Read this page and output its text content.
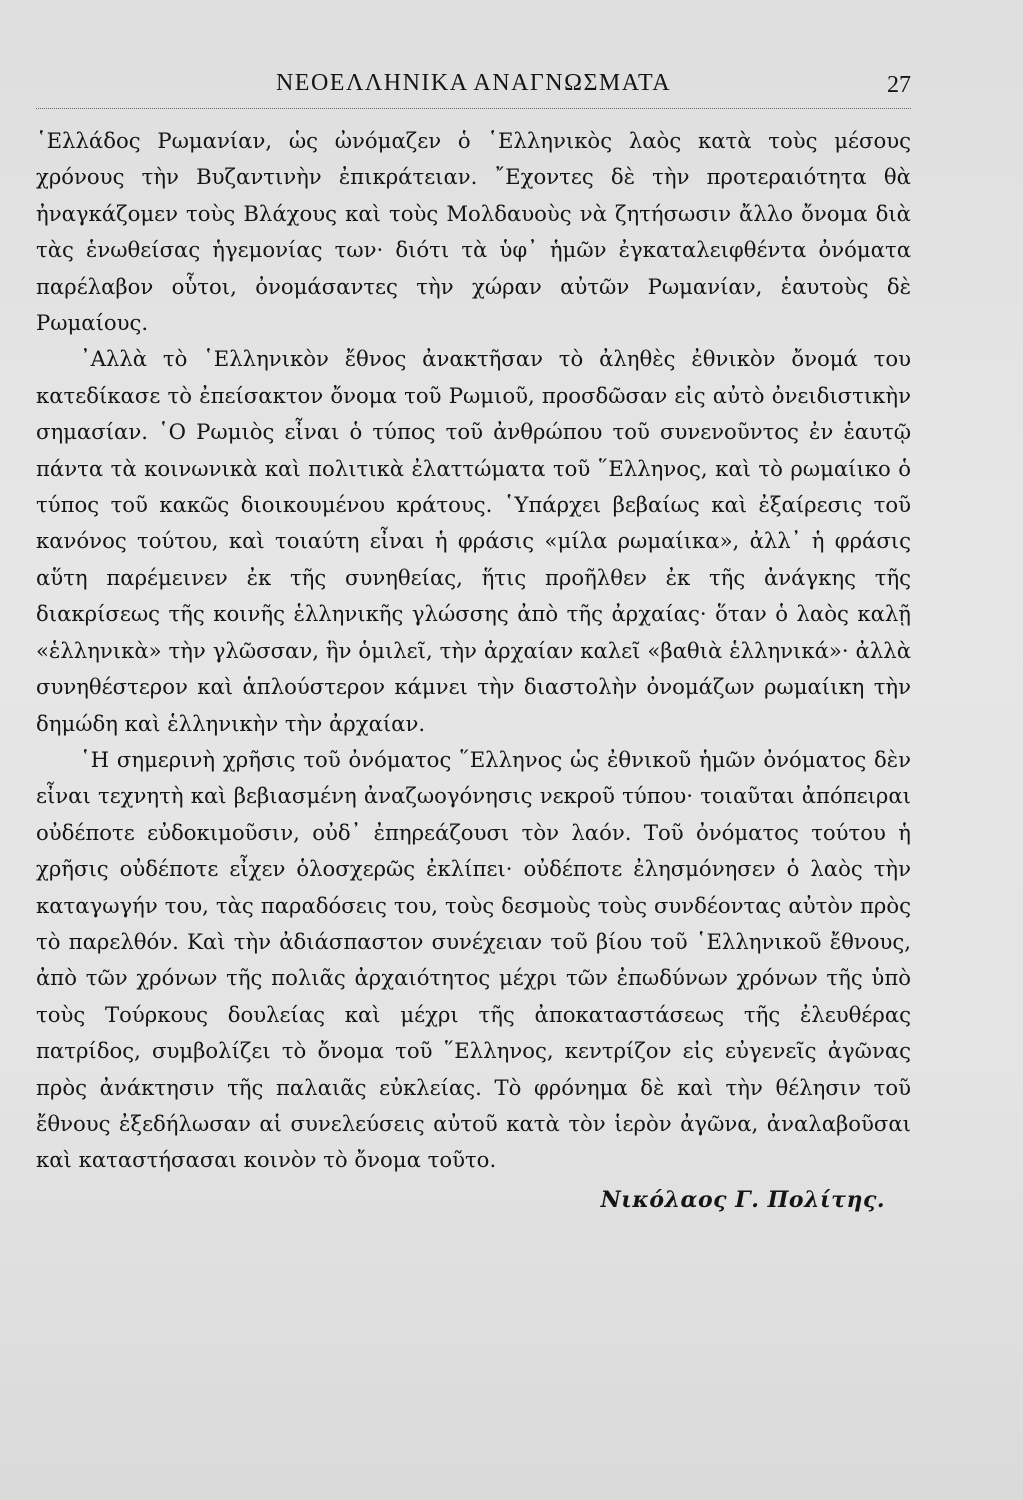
ΝΕΟΕΛΛΗΝΙΚΑ ΑΝΑΓΝΩΣΜΑΤΑ	27

῾Ελλάδος Ρωμανίαν, ὡς ὠνόμαζεν ὁ ῾Ελληνικὸς λαὸς κατὰ τοὺς μέσους χρόνους τὴν Βυζαντινὴν ἐπικράτειαν. ῎Εχοντες δὲ τὴν προτεραιότητα θὰ ἠναγκάζομεν τοὺς Βλάχους καὶ τοὺς Μολδαυοὺς νὰ ζητήσωσιν ἄλλο ὄνομα διὰ τὰς ἑνωθείσας ἡγεμονίας των· διότι τὰ ὑφ᾽ ἡμῶν ἐγκαταλειφθέντα ὀνόματα παρέλαβον οὗτοι, ὀνομάσαντες τὴν χώραν αὐτῶν Ρωμανίαν, ἑαυτοὺς δὲ Ρωμαίους.

᾽Αλλὰ τὸ ῾Ελληνικὸν ἔθνος ἀνακτῆσαν τὸ ἀληθὲς ἐθνικὸν ὄνομά του κατεδίκασε τὸ ἐπείσακτον ὄνομα τοῦ Ρωμιοῦ, προσδῶσαν εἰς αὐτὸ ὀνειδιστικὴν σημασίαν. ῾Ο Ρωμιὸς εἶναι ὁ τύπος τοῦ ἀνθρώπου τοῦ συνενοῦντος ἐν ἑαυτῷ πάντα τὰ κοινωνικὰ καὶ πολιτικὰ ἐλαττώματα τοῦ ῞Ελληνος, καὶ τὸ ρωμαίικο ὁ τύπος τοῦ κακῶς διοικουμένου κράτους. ῾Υπάρχει βεβαίως καὶ ἐξαίρεσις τοῦ κανόνος τούτου, καὶ τοιαύτη εἶναι ἡ φράσις «μίλα ρωμαίικα», ἀλλ᾽ ἡ φράσις αὕτη παρέμεινεν ἐκ τῆς συνηθείας, ἥτις προῆλθεν ἐκ τῆς ἀνάγκης τῆς διακρίσεως τῆς κοινῆς ἑλληνικῆς γλώσσης ἀπὸ τῆς ἀρχαίας· ὅταν ὁ λαὸς καλῇ «ἑλληνικὰ» τὴν γλῶσσαν, ἣν ὁμιλεῖ, τὴν ἀρχαίαν καλεῖ «βαθιὰ ἑλληνικά»· ἀλλὰ συνηθέστερον καὶ ἁπλούστερον κάμνει τὴν διαστολὴν ὀνομάζων ρωμαίικη τὴν δημώδη καὶ ἑλληνικὴν τὴν ἀρχαίαν.

῾Η σημερινὴ χρῆσις τοῦ ὀνόματος ῞Ελληνος ὡς ἐθνικοῦ ἡμῶν ὀνόματος δὲν εἶναι τεχνητὴ καὶ βεβιασμένη ἀναζωογόνησις νεκροῦ τύπου· τοιαῦται ἀπόπειραι οὐδέποτε εὐδοκιμοῦσιν, οὐδ᾽ ἐπηρεάζουσι τὸν λαόν. Τοῦ ὀνόματος τούτου ἡ χρῆσις οὐδέποτε εἶχεν ὁλοσχερῶς ἐκλίπει· οὐδέποτε ἐλησμόνησεν ὁ λαὸς τὴν καταγωγήν του, τὰς παραδόσεις του, τοὺς δεσμοὺς τοὺς συνδέοντας αὐτὸν πρὸς τὸ παρελθόν. Καὶ τὴν ἀδιάσπαστον συνέχειαν τοῦ βίου τοῦ ῾Ελληνικοῦ ἔθνους, ἀπὸ τῶν χρόνων τῆς πολιᾶς ἀρχαιότητος μέχρι τῶν ἐπωδύνων χρόνων τῆς ὑπὸ τοὺς Τούρκους δουλείας καὶ μέχρι τῆς ἀποκαταστάσεως τῆς ἐλευθέρας πατρίδος, συμβολίζει τὸ ὄνομα τοῦ ῞Ελληνος, κεντρίζον εἰς εὐγενεῖς ἀγῶνας πρὸς ἀνάκτησιν τῆς παλαιᾶς εὐκλείας. Τὸ φρόνημα δὲ καὶ τὴν θέλησιν τοῦ ἔθνους ἐξεδήλωσαν αἱ συνελεύσεις αὐτοῦ κατὰ τὸν ἱερὸν ἀγῶνα, ἀναλαβοῦσαι καὶ καταστήσασαι κοινὸν τὸ ὄνομα τοῦτο.

Νικόλαος Γ. Πολίτης.
